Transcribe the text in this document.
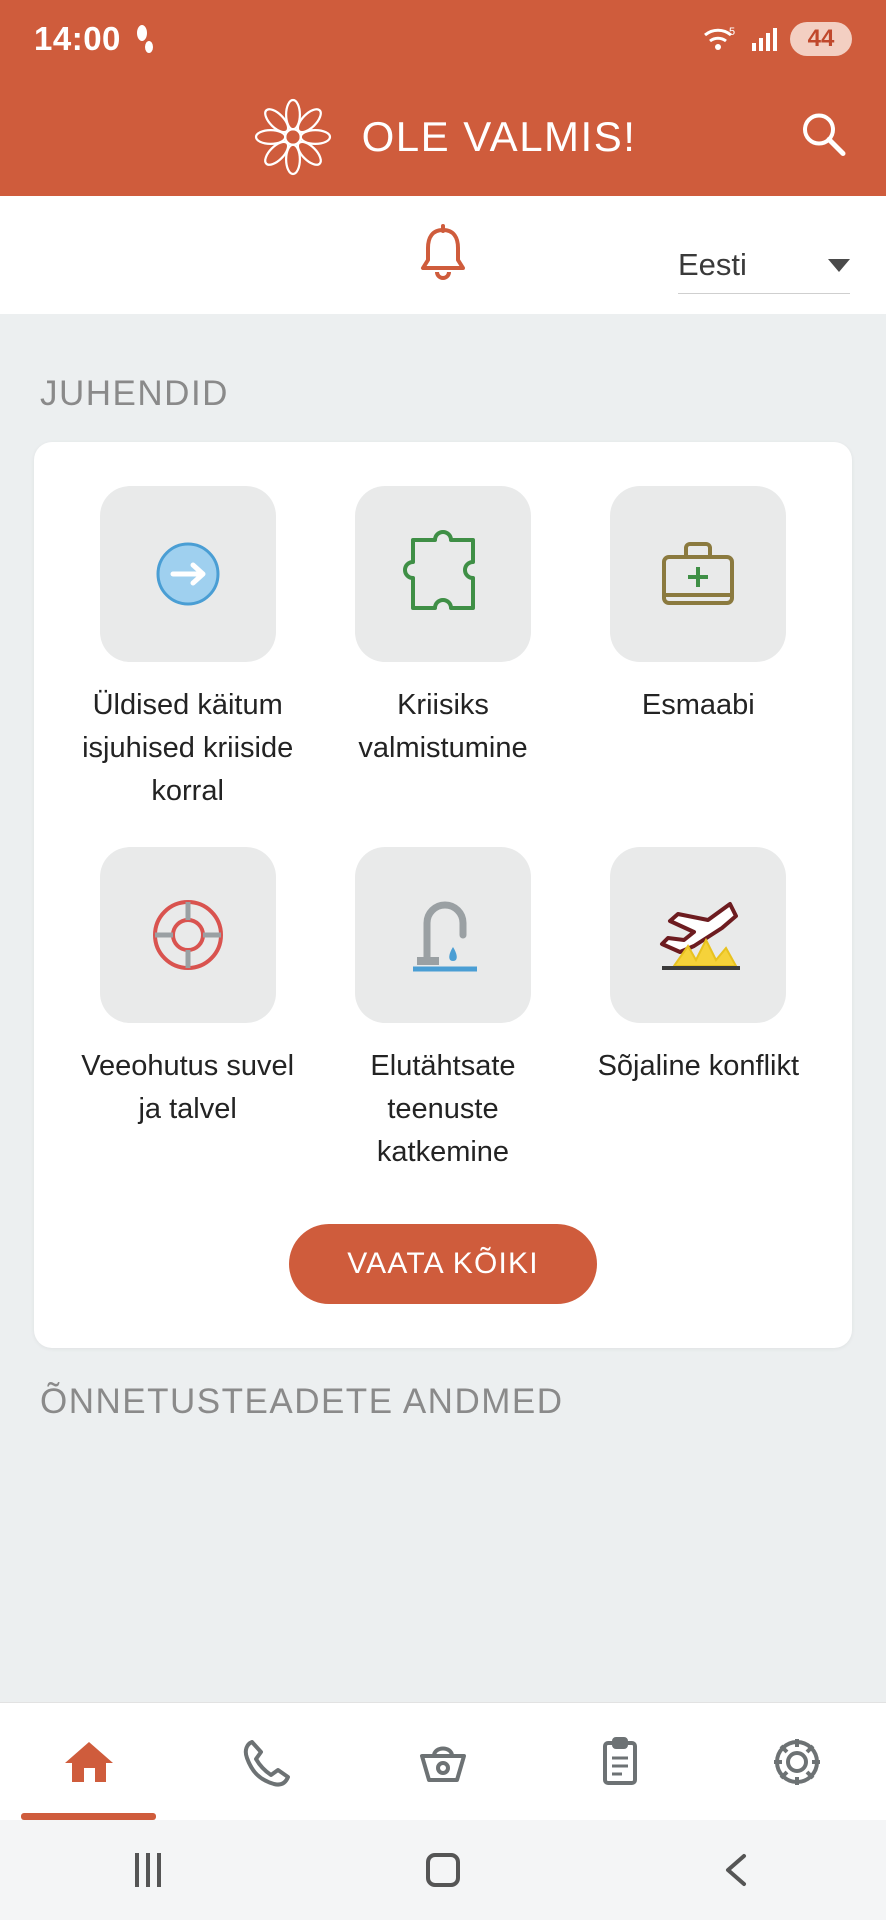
14:00	5	44
OLE VALMIS!
Eesti
JUHENDID
Üldised käitum isjuhised kriiside korral
Kriisiks valmistumine
Esmaabi
Veeohutus suvel ja talvel
Elutähtsate teenuste katkemine
Sõjaline konflikt
VAATA KÕIKI
ÕNNETUSTEADETE ANDMED
